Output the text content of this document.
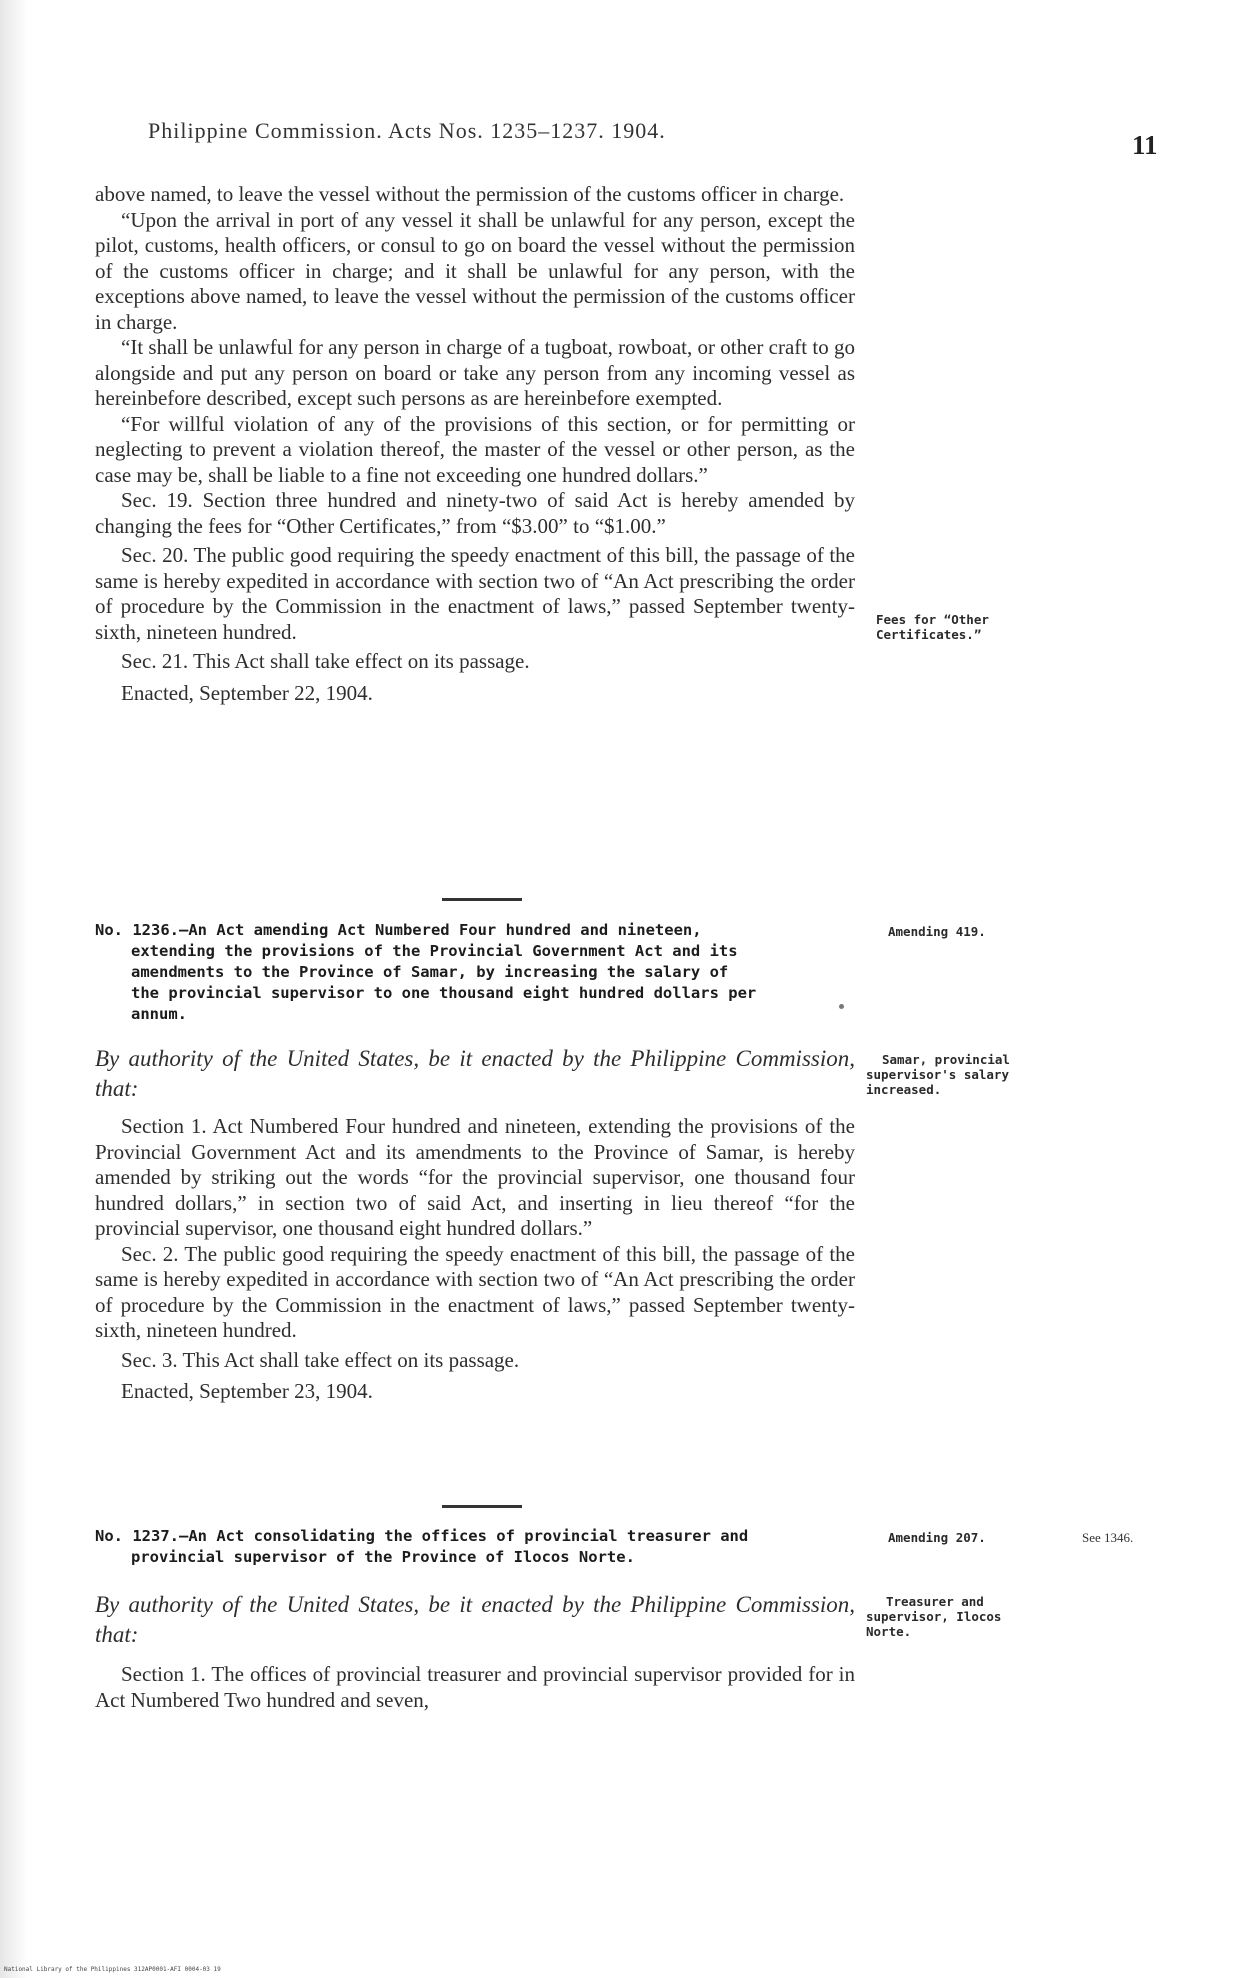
Philippine Commission. Acts Nos. 1235–1237. 1904.	11

above named, to leave the vessel without the permission of the customs officer in charge.

“Upon the arrival in port of any vessel it shall be unlawful for any person, except the pilot, customs, health officers, or consul to go on board the vessel without the permission of the customs officer in charge; and it shall be unlawful for any person, with the exceptions above named, to leave the vessel without the permission of the customs officer in charge.

“It shall be unlawful for any person in charge of a tugboat, rowboat, or other craft to go alongside and put any person on board or take any person from any incoming vessel as hereinbefore described, except such persons as are hereinbefore exempted.

“For willful violation of any of the provisions of this section, or for permitting or neglecting to prevent a violation thereof, the master of the vessel or other person, as the case may be, shall be liable to a fine not exceeding one hundred dollars.”

Sec. 19. Section three hundred and ninety-two of said Act is hereby amended by changing the fees for “Other Certificates,” from “$3.00” to “$1.00.”

Sec. 20. The public good requiring the speedy enactment of this bill, the passage of the same is hereby expedited in accordance with section two of “An Act prescribing the order of procedure by the Commission in the enactment of laws,” passed September twenty-sixth, nineteen hundred.

Sec. 21. This Act shall take effect on its passage.

Enacted, September 22, 1904.

Fees for “Other
Certificates.”
No. 1236.—An Act amending Act Numbered Four hundred and nineteen,
extending the provisions of the Provincial Government Act and its
amendments to the Province of Samar, by increasing the salary of
the provincial supervisor to one thousand eight hundred dollars per
annum.
Amending 419.

By authority of the United States, be it enacted by the Philippine Commission, that:

Section 1. Act Numbered Four hundred and nineteen, extending the provisions of the Provincial Government Act and its amendments to the Province of Samar, is hereby amended by striking out the words “for the provincial supervisor, one thousand four hundred dollars,” in section two of said Act, and inserting in lieu thereof “for the provincial supervisor, one thousand eight hundred dollars.”

Sec. 2. The public good requiring the speedy enactment of this bill, the passage of the same is hereby expedited in accordance with section two of “An Act prescribing the order of procedure by the Commission in the enactment of laws,” passed September twenty-sixth, nineteen hundred.

Sec. 3. This Act shall take effect on its passage.

Enacted, September 23, 1904.

Samar, provincial
supervisor's salary
increased.
No. 1237.—An Act consolidating the offices of provincial treasurer and
provincial supervisor of the Province of Ilocos Norte.
Amending 207.	See 1346.

By authority of the United States, be it enacted by the Philippine Commission, that:

Section 1. The offices of provincial treasurer and provincial supervisor provided for in Act Numbered Two hundred and seven,

Treasurer and
supervisor, Ilocos
Norte.
National Library of the Philippines 312AP0001-AFI 0004-03 19
